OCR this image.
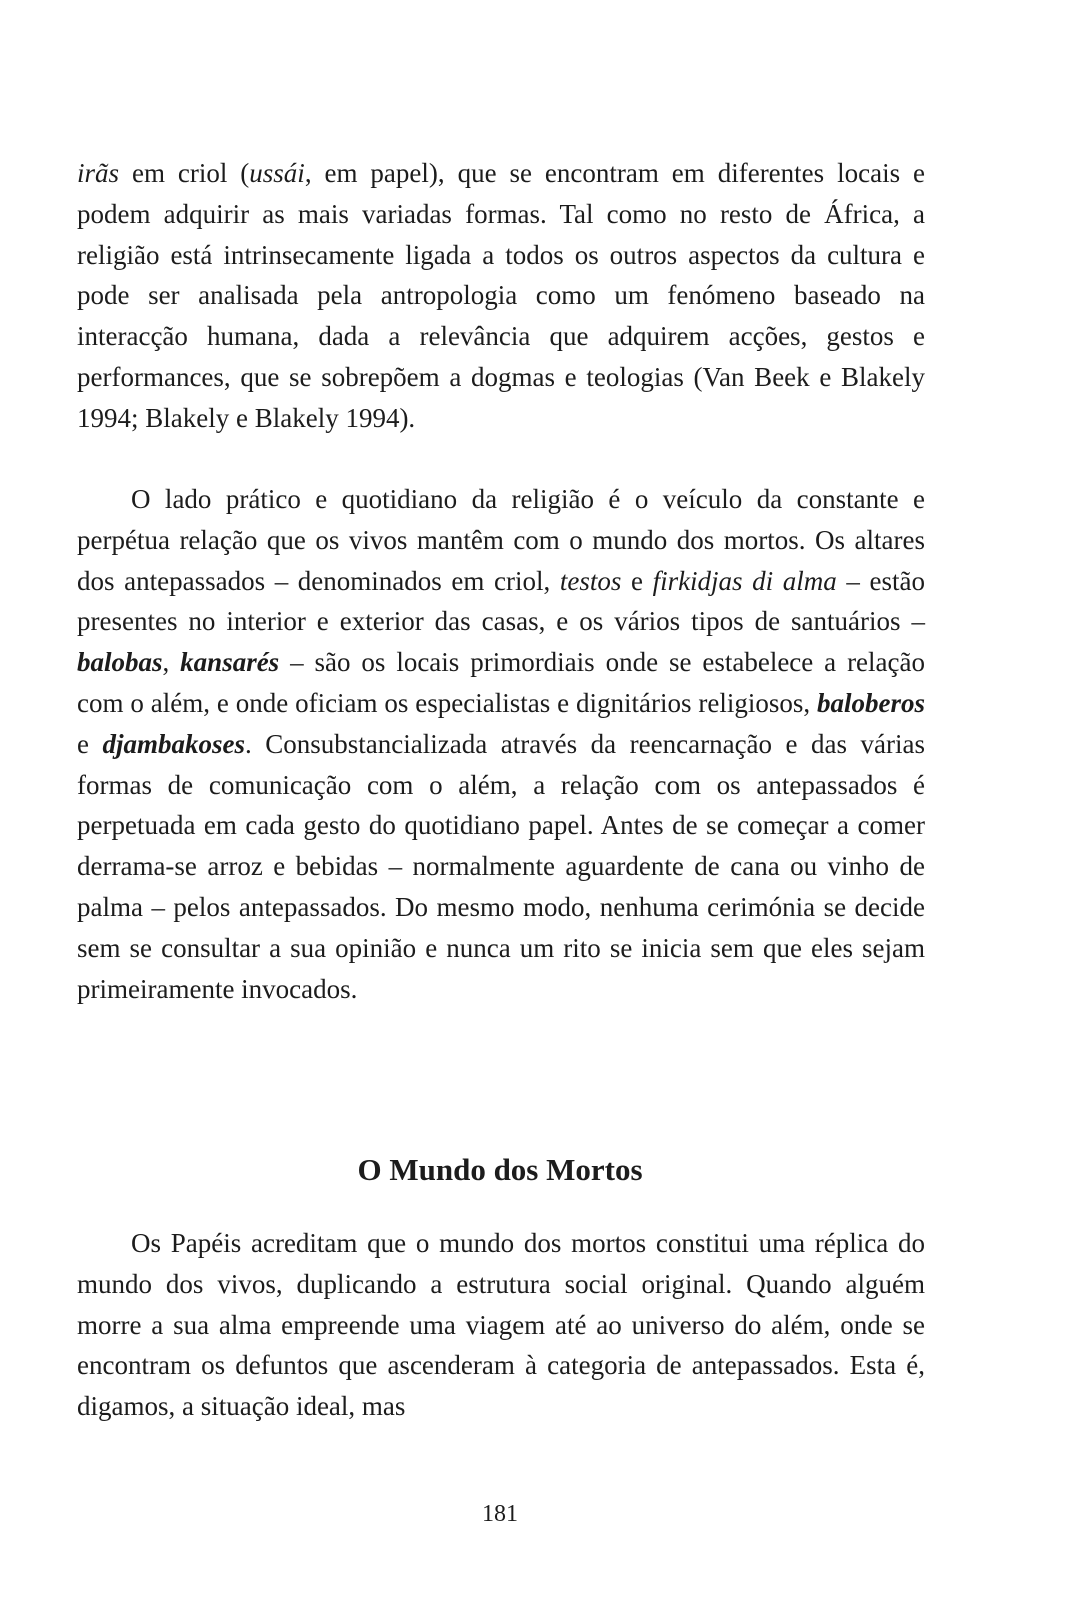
irãs em criol (ussái, em papel), que se encontram em diferentes locais e podem adquirir as mais variadas formas. Tal como no resto de África, a religião está intrinsecamente ligada a todos os outros aspectos da cultura e pode ser analisada pela antropologia como um fenómeno baseado na interacção humana, dada a relevância que adquirem acções, gestos e performances, que se sobrepõem a dogmas e teologias (Van Beek e Blakely 1994; Blakely e Blakely 1994).

O lado prático e quotidiano da religião é o veículo da constante e perpétua relação que os vivos mantêm com o mundo dos mortos. Os altares dos antepassados – denominados em criol, testos e firkidjas di alma – estão presentes no interior e exterior das casas, e os vários tipos de santuários – balobas, kansarés – são os locais primordiais onde se estabelece a relação com o além, e onde oficiam os especialistas e dignitários religiosos, baloberos e djambakoses. Consubstancializada através da reencarnação e das várias formas de comunicação com o além, a relação com os antepassados é perpetuada em cada gesto do quotidiano papel. Antes de se começar a comer derrama-se arroz e bebidas – normalmente aguardente de cana ou vinho de palma – pelos antepassados. Do mesmo modo, nenhuma cerimónia se decide sem se consultar a sua opinião e nunca um rito se inicia sem que eles sejam primeiramente invocados.

O Mundo dos Mortos

Os Papéis acreditam que o mundo dos mortos constitui uma réplica do mundo dos vivos, duplicando a estrutura social original. Quando alguém morre a sua alma empreende uma viagem até ao universo do além, onde se encontram os defuntos que ascenderam à categoria de antepassados. Esta é, digamos, a situação ideal, mas

181
